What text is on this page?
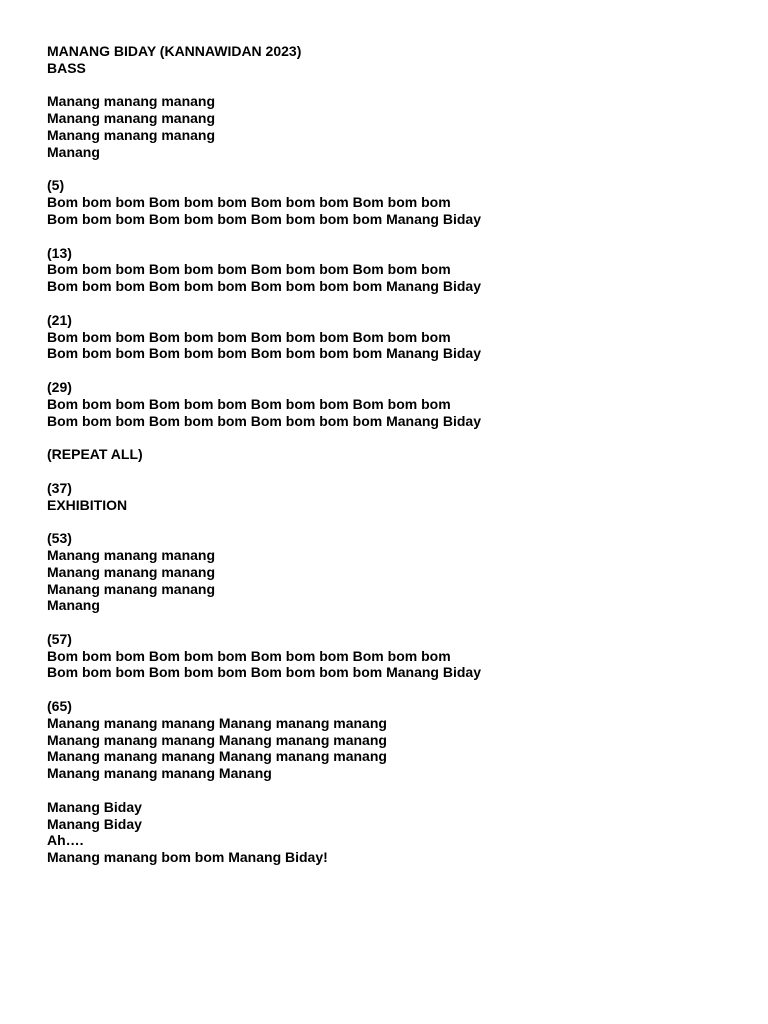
MANANG BIDAY (KANNAWIDAN 2023)
BASS
Manang manang manang
Manang manang manang
Manang manang manang
Manang
(5)
Bom bom bom Bom bom bom Bom bom bom Bom bom bom
Bom bom bom Bom bom bom Bom bom bom bom Manang Biday
(13)
Bom bom bom Bom bom bom Bom bom bom Bom bom bom
Bom bom bom Bom bom bom Bom bom bom bom Manang Biday
(21)
Bom bom bom Bom bom bom Bom bom bom Bom bom bom
Bom bom bom Bom bom bom Bom bom bom bom Manang Biday
(29)
Bom bom bom Bom bom bom Bom bom bom Bom bom bom
Bom bom bom Bom bom bom Bom bom bom bom Manang Biday
(REPEAT ALL)
(37)
EXHIBITION
(53)
Manang manang manang
Manang manang manang
Manang manang manang
Manang
(57)
Bom bom bom Bom bom bom Bom bom bom Bom bom bom
Bom bom bom Bom bom bom Bom bom bom bom Manang Biday
(65)
Manang manang manang Manang manang manang
Manang manang manang Manang manang manang
Manang manang manang Manang manang manang
Manang manang manang Manang
Manang Biday
Manang Biday
Ah….
Manang manang bom bom Manang Biday!
